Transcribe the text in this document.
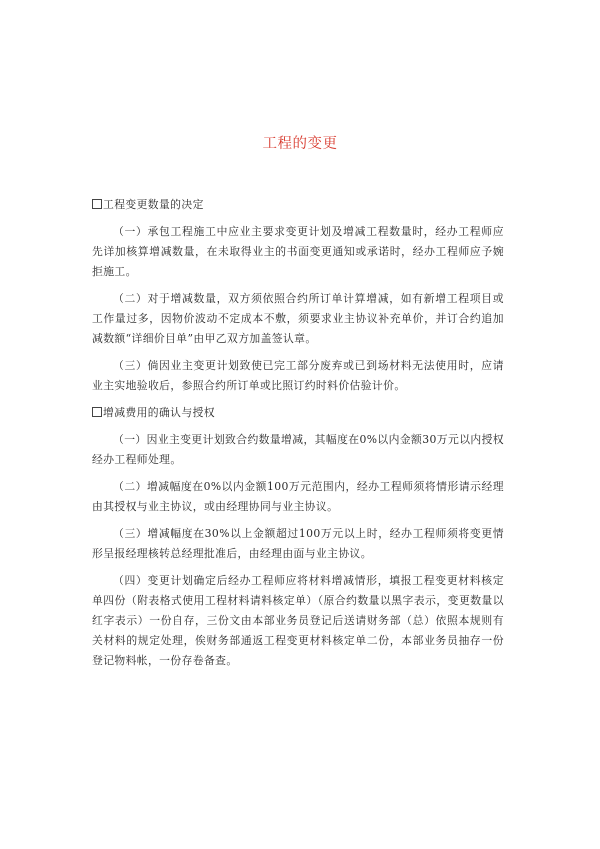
工程的变更

工程变更数量的决定

（一）承包工程施工中应业主要求变更计划及增减工程数量时，经办工程师应先详加核算增减数量，在未取得业主的书面变更通知或承诺时，经办工程师应予婉拒施工。

（二）对于增减数量，双方须依照合约所订单计算增减，如有新增工程项目或工作量过多，因物价波动不定成本不敷，须要求业主协议补充单价，并订合约追加减数额“详细价目单”由甲乙双方加盖签认章。

（三）倘因业主变更计划致使已完工部分废弃或已到场材料无法使用时，应请业主实地验收后，参照合约所订单或比照订约时料价估验计价。

增减费用的确认与授权

（一）因业主变更计划致合约数量增减，其幅度在0%以内金额30万元以内授权经办工程师处理。

（二）增减幅度在0%以内金额100万元范围内，经办工程师须将情形请示经理由其授权与业主协议，或由经理协同与业主协议。

（三）增减幅度在30%以上金额超过100万元以上时，经办工程师须将变更情形呈报经理核转总经理批准后，由经理由面与业主协议。

（四）变更计划确定后经办工程师应将材料增减情形，填报工程变更材料核定单四份（附表格式使用工程材料请料核定单）（原合约数量以黑字表示，变更数量以红字表示）一份自存，三份文由本部业务员登记后送请财务部（总）依照本规则有关材料的规定处理，俟财务部通返工程变更材料核定单二份，本部业务员抽存一份登记物料帐，一份存卷备查。
